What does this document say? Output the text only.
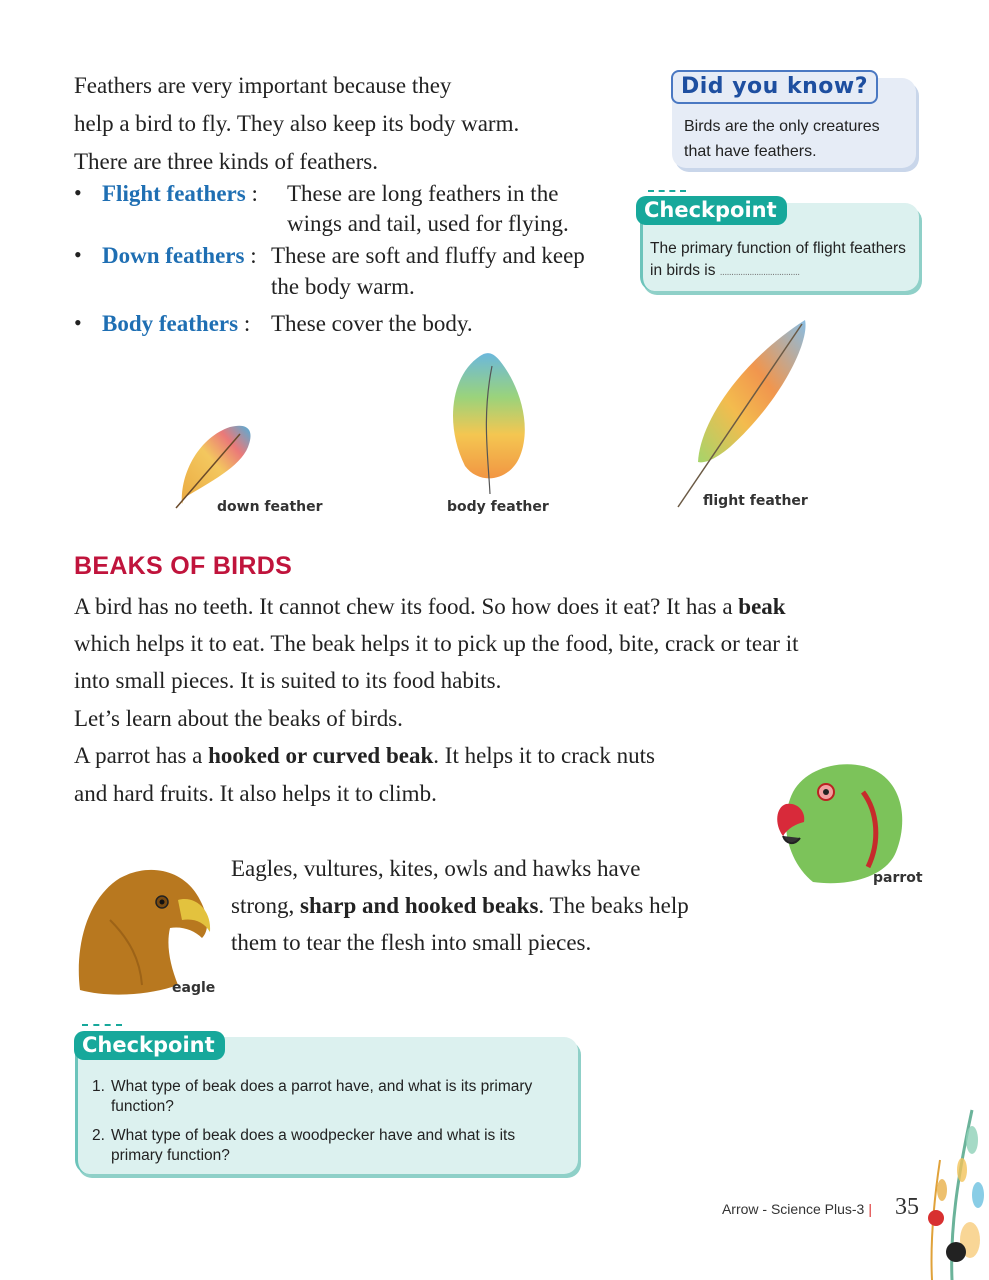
Feathers are very important because they
help a bird to fly. They also keep its body warm.
There are three kinds of feathers.
• Flight feathers : These are long feathers in the
wings and tail, used for flying.
• Down feathers : These are soft and fluffy and keep
the body warm.
• Body feathers : These cover the body.
Did you know?
Birds are the only creatures that have feathers.
Checkpoint
The primary function of flight feathers in birds is ...................................
down feather	body feather	flight feather
BEAKS OF BIRDS
A bird has no teeth. It cannot chew its food. So how does it eat? It has a beak
which helps it to eat. The beak helps it to pick up the food, bite, crack or tear it
into small pieces. It is suited to its food habits.
Let’s learn about the beaks of birds.
A parrot has a hooked or curved beak. It helps it to crack nuts
and hard fruits. It also helps it to climb.
parrot
eagle
Eagles, vultures, kites, owls and hawks have
strong, sharp and hooked beaks. The beaks help
them to tear the flesh into small pieces.
Checkpoint
1. What type of beak does a parrot have, and what is its primary
function?
2. What type of beak does a woodpecker have and what is its
primary function?
Arrow - Science Plus-3 | 35
